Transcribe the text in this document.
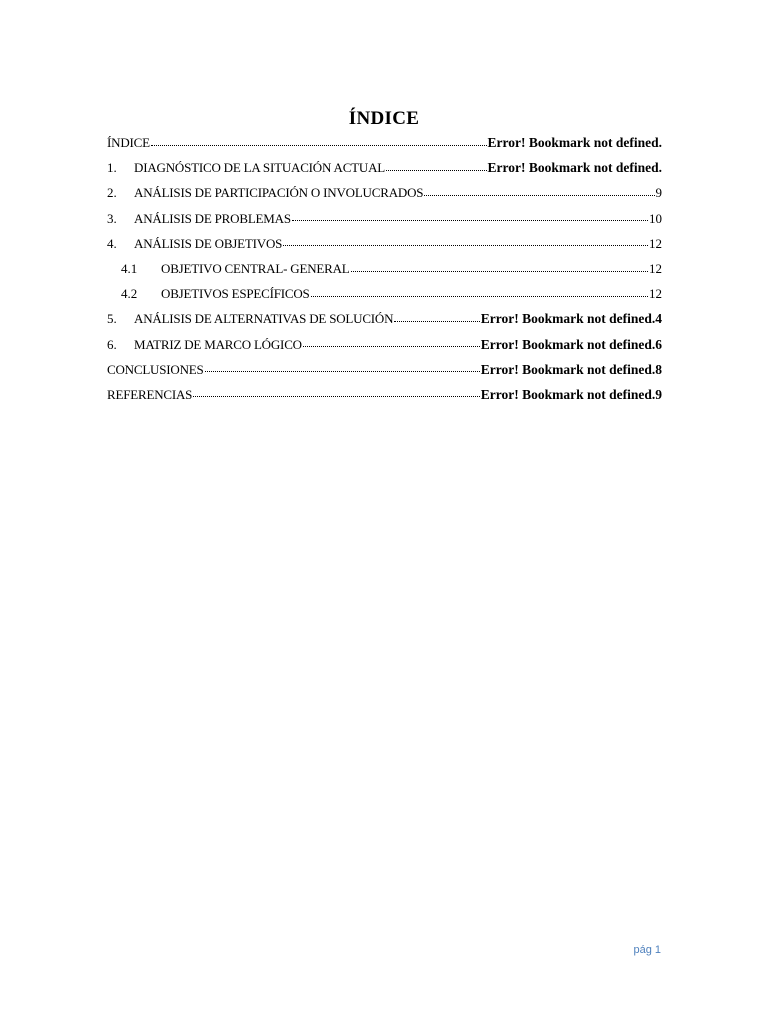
ÍNDICE
ÍNDICE	Error! Bookmark not defined.
1.	DIAGNÓSTICO DE LA SITUACIÓN ACTUAL	Error! Bookmark not defined.
2.	ANÁLISIS DE PARTICIPACIÓN O INVOLUCRADOS	9
3.	ANÁLISIS DE PROBLEMAS	10
4.	ANÁLISIS DE OBJETIVOS	12
4.1	OBJETIVO CENTRAL- GENERAL	12
4.2	OBJETIVOS ESPECÍFICOS	12
5.	ANÁLISIS DE ALTERNATIVAS DE SOLUCIÓN	Error! Bookmark not defined.4
6.	MATRIZ DE MARCO LÓGICO	Error! Bookmark not defined.6
CONCLUSIONES	Error! Bookmark not defined.8
REFERENCIAS	Error! Bookmark not defined.9
pág 1
